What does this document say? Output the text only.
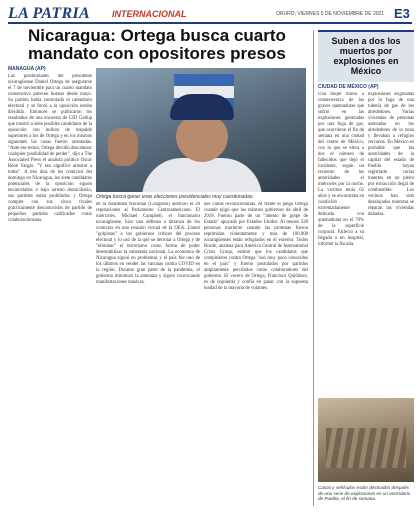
LA PATRIA INTERNACIONAL	ORURO, VIERNES 5 DE NOVIEMBRE DE 2021 E3
Nicaragua: Ortega busca cuarto mandato con opositores presos
MANAGUA (AP)
Ortega busca ganar unas elecciones presidenciales muy cuestionadas.

Las posibilidades del presidente nicaragüense Daniel Ortega de asegurarse el 7 de noviembre para un cuarto mandato consecutivo parecen buenas desde mayo. Su partido había controlado el calendario electoral y se forzó a la oposición estaba dividida. Entonces se publicaron los resultados de una encuesta de CID Gallup que mostró a siete posibles candidatos de la oposición con índices de respaldo superiores a los de Ortega y en los mismos siguientes las cosas fueron arrestadas. "Ante ese temor, Ortega decidió descabezar cualquier posibilidad de perder", dijo a The Associated Press el analista político Oscar René Vargas. "Y eso significó arrestar a todos". A tres días de los comicios del domingo en Nicaragua, los siete candidatos potenciales de la oposición siguen encarcelados o bajo arresto domiciliario, sus partidos están prohibidos y Ortega compite con sus cinco rivales prácticamente desconocidos de partido de pequeños partidos calificados como colaboracionistas.

de la Asamblea Nacional (Congreso) autorizó el 20 reputaciones al Parlamento Centroamericano. El miércoles, Michael Campbell, el funcionario nicaragüense, hizo una defensa a ultranza de los comicios en una reunión virtual de la OEA. Llamó "golpistas" a los gobiernos críticos del proceso electoral y lo usó de la que se derrotar a Ortega y de "eliminar" el terrorismo como forma de poder desestabilizar la soberanía nacional. La economía de Nicaragua siguió en problemas y el país fue uno de los últimos en vender las vacunas contra COVID en la región. Durante gran parte de la pandemia, el gobierno minimizó la amenaza y siguió convocando manifestaciones masivas.

nes varias revolucionarias. Al frente el juego Ortega cuando ejigó que los mismos gobiernos de abril de 2018. Fueron parte de un "intento de golpe de Estado" apoyado por Estados Unidos. Al menos 328 personas murieron cuando las protestas fueron reprimidas violentamente y más de 100.000 nicaragüenses están refugiados en el exterior. Todos Rosile, analista para América Central de International Crisis Group, estimó que los candidatos que compitieron contra Ortega "son muy poco conocidos en el país" y fueron postulados por partidos ampliamente percibidos como colaboradores del gobierno. El vocero de Ortega, Francisco Quiñónez, es de izquierda y confía en ganar con la supuesta lealtad de la mayoría de votantes.

Suben a dos los muertos por explosiones en México
CIUDAD DE MÉXICO (AP)

Una mujer murió a consecuencia de las graves quemaduras que sufrió en las explosiones generadas por una fuga de gas, que ocurrieron el fin de semana en una ciudad del centro de México, con lo que se eleva a dos el número de fallecidos que dejó el incidente, según un recuento de las autoridades el miércoles por la noche. La víctima tenía 62 años y se encontraba en condición extremadamente delicada con quemaduras en el 70% de la superficie corporal. Falleció a su llegada a un hospital, informó la fiscalía.

explosiones originadas por la fuga de una tubería de gas de los alrededores. Varias viviendas de personas asentadas en los alrededores de la zona y llevaban a refugios cercanos. En México es probable que las autoridades de la capital del estado de Puebla hayan registrado varias muertes en un pleito por extracción ilegal de combustible. Los vecinos han sido desalojados mientras se reparan las viviendas dañadas.

Casas y vehículos están destruidos después de una serie de explosiones en un vecindario de Puebla, el fin de semana.
